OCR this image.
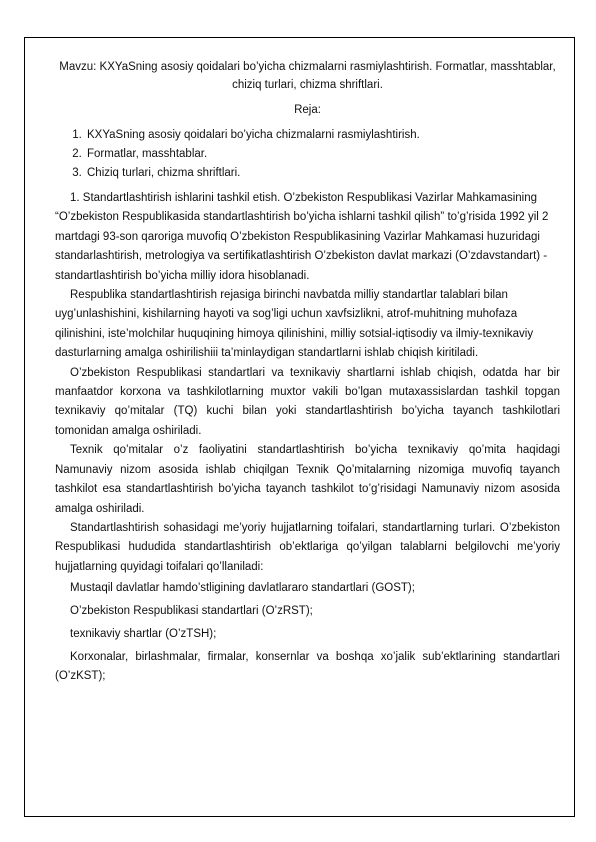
Mavzu: KXYaSning asosiy qoidalari bo’yicha chizmalarni rasmiylashtirish. Formatlar, masshtablar, chiziq turlari, chizma shriftlari.

Reja:

1. KXYaSning asosiy qoidalari bo’yicha chizmalarni rasmiylashtirish.
2. Formatlar, masshtablar.
3. Chiziq turlari, chizma shriftlari.

1. Standartlashtirish ishlarini tashkil etish. O’zbekiston Respublikasi Vazirlar Mahkamasining “O’zbekiston Respublikasida standartlashtirish bo’yicha ishlarni tashkil qilish” to’g’risida 1992 yil 2 martdagi 93-son qaroriga muvofiq O’zbekiston Respublikasining Vazirlar Mahkamasi huzuridagi standarlashtirish, metrologiya va sertifikatlashtirish O’zbekiston davlat markazi (O’zdavstandart) - standartlashtirish bo’yicha milliy idora hisoblanadi.

Respublika standartlashtirish rejasiga birinchi navbatda milliy standartlar talablari bilan uyg’unlashishini, kishilarning hayoti va sog’ligi uchun xavfsizlikni, atrof-muhitning muhofaza qilinishini, iste’molchilar huquqining himoya qilinishini, milliy sotsial-iqtisodiy va ilmiy-texnikaviy dasturlarning amalga oshirilishiii ta’minlaydigan standartlarni ishlab chiqish kiritiladi.

O’zbekiston Respublikasi standartlari va texnikaviy shartlarni ishlab chiqish, odatda har bir manfaatdor korxona va tashkilotlarning muxtor vakili bo’lgan mutaxassislardan tashkil topgan texnikaviy qo’mitalar (TQ) kuchi bilan yoki standartlashtirish bo’yicha tayanch tashkilotlari tomonidan amalga oshiriladi.

Texnik qo’mitalar o’z faoliyatini standartlashtirish bo’yicha texnikaviy qo’mita haqidagi Namunaviy nizom asosida ishlab chiqilgan Texnik Qo’mitalarning nizomiga muvofiq tayanch tashkilot esa standartlashtirish bo’yicha tayanch tashkilot to’g’risidagi Namunaviy nizom asosida amalga oshiriladi.

Standartlashtirish sohasidagi me’yoriy hujjatlarning toifalari, standartlarning turlari. O’zbekiston Respublikasi hududida standartlashtirish ob’ektlariga qo’yilgan talablarni belgilovchi me’yoriy hujjatlarning quyidagi toifalari qo’llaniladi:

Mustaqil davlatlar hamdo’stligining davlatlararo standartlari (GOST);

O’zbekiston Respublikasi standartlari (O’zRST);

texnikaviy shartlar (O’zTSH);

Korxonalar, birlashmalar, firmalar, konsernlar va boshqa xo’jalik sub’ektlarining standartlari (O’zKST);
